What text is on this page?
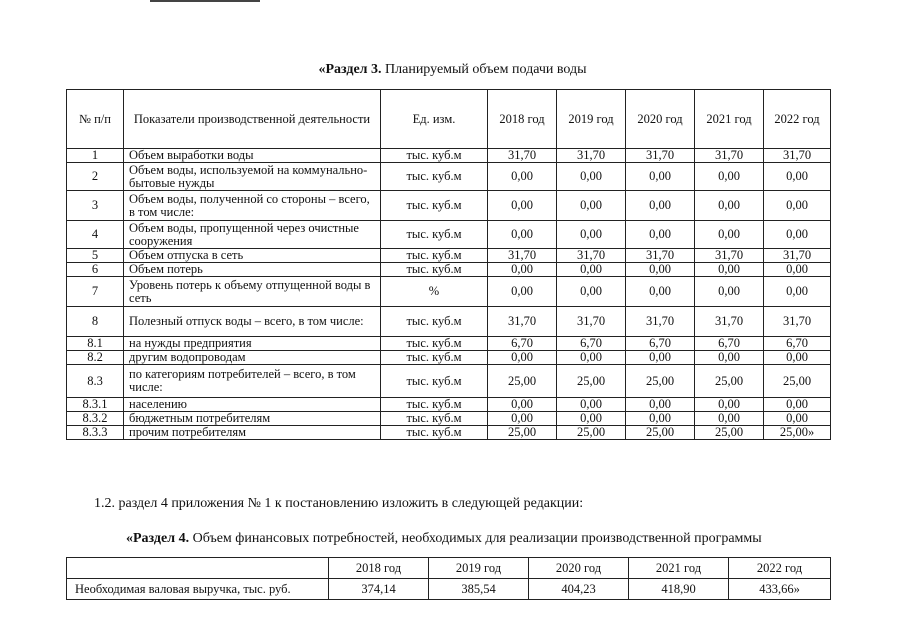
«Раздел 3. Планируемый объем подачи воды
№ п/п	Показатели производственной деятельности	Ед. изм.	2018 год	2019 год	2020 год	2021 год	2022 год
1	Объем выработки воды	тыс. куб.м	31,70	31,70	31,70	31,70	31,70
2	Объем воды, используемой на коммунально-бытовые нужды	тыс. куб.м	0,00	0,00	0,00	0,00	0,00
3	Объем воды, полученной со стороны – всего, в том числе:	тыс. куб.м	0,00	0,00	0,00	0,00	0,00
4	Объем воды, пропущенной через очистные сооружения	тыс. куб.м	0,00	0,00	0,00	0,00	0,00
5	Объем отпуска в сеть	тыс. куб.м	31,70	31,70	31,70	31,70	31,70
6	Объем потерь	тыс. куб.м	0,00	0,00	0,00	0,00	0,00
7	Уровень потерь к объему отпущенной воды в сеть	%	0,00	0,00	0,00	0,00	0,00
8	Полезный отпуск воды – всего, в том числе:	тыс. куб.м	31,70	31,70	31,70	31,70	31,70
8.1	на нужды предприятия	тыс. куб.м	6,70	6,70	6,70	6,70	6,70
8.2	другим водопроводам	тыс. куб.м	0,00	0,00	0,00	0,00	0,00
8.3	по категориям потребителей – всего, в том числе:	тыс. куб.м	25,00	25,00	25,00	25,00	25,00
8.3.1	населению	тыс. куб.м	0,00	0,00	0,00	0,00	0,00
8.3.2	бюджетным потребителям	тыс. куб.м	0,00	0,00	0,00	0,00	0,00
8.3.3	прочим потребителям	тыс. куб.м	25,00	25,00	25,00	25,00	25,00»
1.2. раздел 4 приложения № 1 к постановлению изложить в следующей редакции:
«Раздел 4. Объем финансовых потребностей, необходимых для реализации производственной программы
	2018 год	2019 год	2020 год	2021 год	2022 год
Необходимая валовая выручка, тыс. руб.	374,14	385,54	404,23	418,90	433,66»
